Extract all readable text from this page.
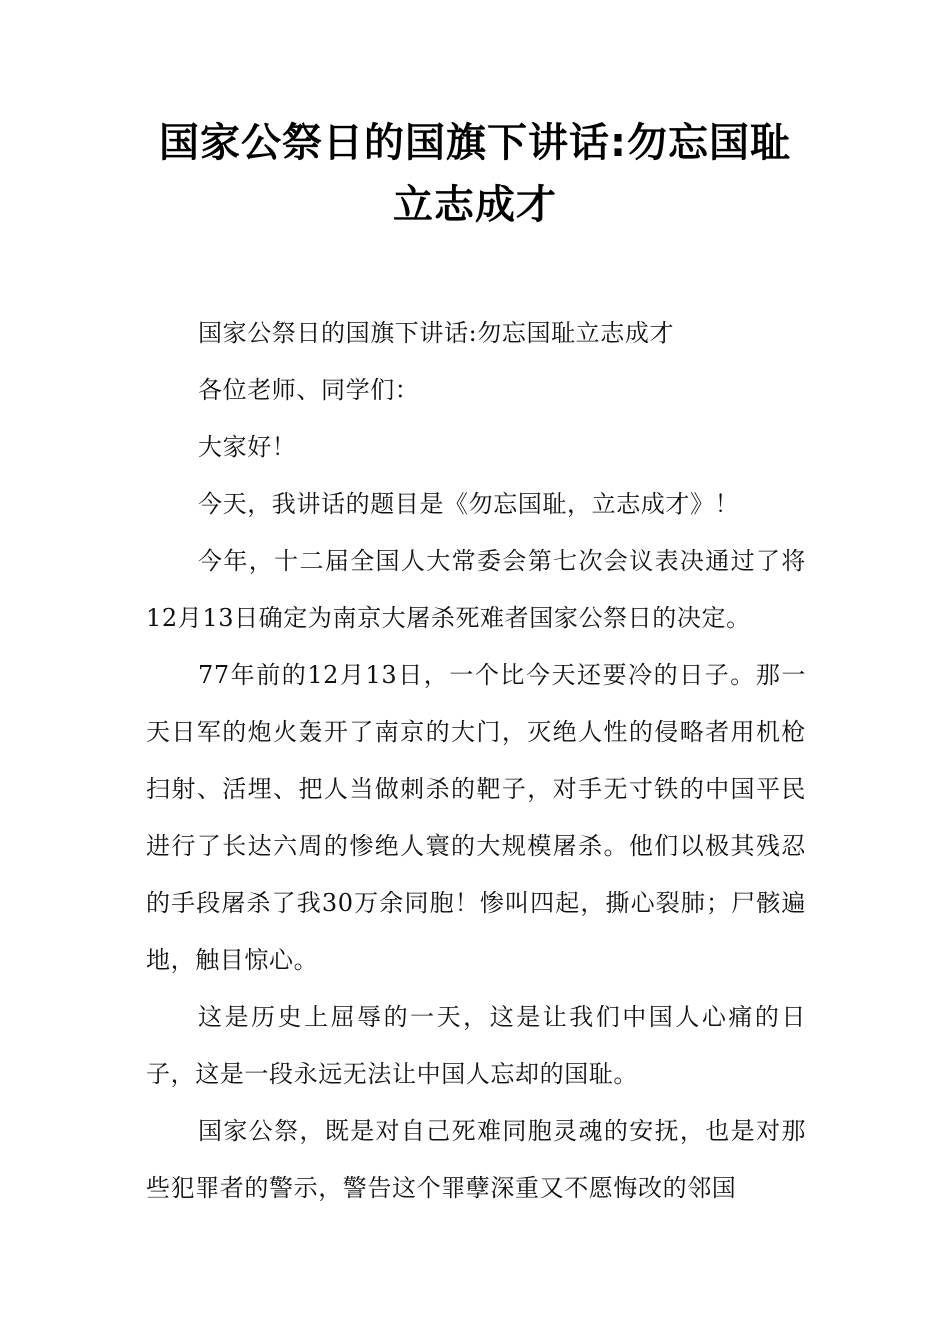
国家公祭日的国旗下讲话:勿忘国耻 立志成才

国家公祭日的国旗下讲话:勿忘国耻立志成才

各位老师、同学们：

大家好！

今天，我讲话的题目是《勿忘国耻，立志成才》！

今年，十二届全国人大常委会第七次会议表决通过了将12月13日确定为南京大屠杀死难者国家公祭日的决定。

77年前的12月13日，一个比今天还要冷的日子。那一天日军的炮火轰开了南京的大门，灭绝人性的侵略者用机枪扫射、活埋、把人当做刺杀的靶子，对手无寸铁的中国平民进行了长达六周的惨绝人寰的大规模屠杀。他们以极其残忍的手段屠杀了我30万余同胞！惨叫四起，撕心裂肺；尸骸遍地，触目惊心。

这是历史上屈辱的一天，这是让我们中国人心痛的日子，这是一段永远无法让中国人忘却的国耻。

国家公祭，既是对自己死难同胞灵魂的安抚，也是对那些犯罪者的警示，警告这个罪孽深重又不愿悔改的邻国
